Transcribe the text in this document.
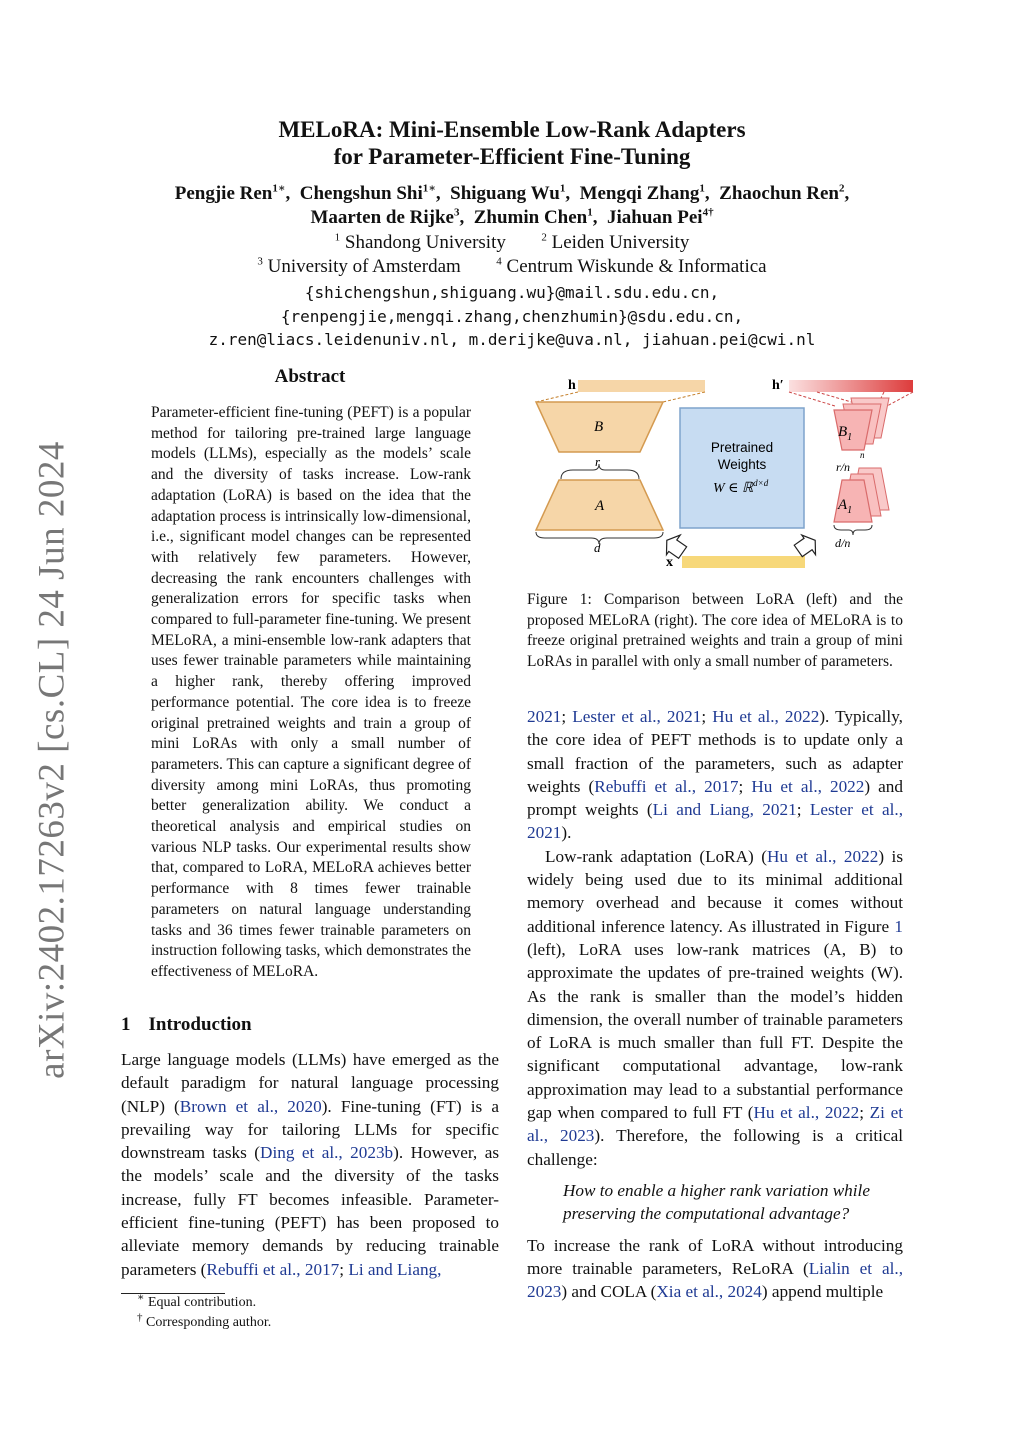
arXiv:2402.17263v2 [cs.CL] 24 Jun 2024
MELoRA: Mini-Ensemble Low-Rank Adapters
for Parameter-Efficient Fine-Tuning
Pengjie Ren$^{1∗}$, Chengshun Shi$^{1∗}$, Shiguang Wu$^1$, Mengqi Zhang$^1$, Zhaochun Ren$^2$,
Maarten de Rijke$^3$, Zhumin Chen$^1$, Jiahuan Pei$^{4\dagger}$
$^1$ Shandong University	$^2$ Leiden University
$^3$ University of Amsterdam	$^4$ Centrum Wiskunde & Informatica
{shichengshun,shiguang.wu}@mail.sdu.edu.cn,
{renpengjie,mengqi.zhang,chenzhumin}@sdu.edu.cn,
z.ren@liacs.leidenuniv.nl, m.derijke@uva.nl, jiahuan.pei@cwi.nl
Abstract
Parameter-efficient fine-tuning (PEFT) is a popular method for tailoring pre-trained large language models (LLMs), especially as the models’ scale and the diversity of tasks increase. Low-rank adaptation (LoRA) is based on the idea that the adaptation process is intrinsically low-dimensional, i.e., significant model changes can be represented with relatively few parameters. However, decreasing the rank encounters challenges with generalization errors for specific tasks when compared to full-parameter fine-tuning. We present MELoRA, a mini-ensemble low-rank adapters that uses fewer trainable parameters while maintaining a higher rank, thereby offering improved performance potential. The core idea is to freeze original pretrained weights and train a group of mini LoRAs with only a small number of parameters. This can capture a significant degree of diversity among mini LoRAs, thus promoting better generalization ability. We conduct a theoretical analysis and empirical studies on various NLP tasks. Our experimental results show that, compared to LoRA, MELoRA achieves better performance with 8 times fewer trainable parameters on natural language understanding tasks and 36 times fewer trainable parameters on instruction following tasks, which demonstrates the effectiveness of MELoRA.
1 Introduction
Large language models (LLMs) have emerged as the default paradigm for natural language processing (NLP) (Brown et al., 2020). Fine-tuning (FT) is a prevailing way for tailoring LLMs for specific downstream tasks (Ding et al., 2023b). However, as the models’ scale and the diversity of the tasks increase, fully FT becomes infeasible. Parameter-efficient fine-tuning (PEFT) has been proposed to alleviate memory demands by reducing trainable parameters (Rebuffi et al., 2017; Li and Liang,
∗ Equal contribution.
† Corresponding author.
h
B
r
A
d
Pretrained
Weights
W ∈ ℝ$^{d\times d}$
x
h′
$B_1$
n
r/n
$A_1$
d/n
Figure 1: Comparison between LoRA (left) and the proposed MELoRA (right). The core idea of MELoRA is to freeze original pretrained weights and train a group of mini LoRAs in parallel with only a small number of parameters.

2021; Lester et al., 2021; Hu et al., 2022). Typically, the core idea of PEFT methods is to update only a small fraction of the parameters, such as adapter weights (Rebuffi et al., 2017; Hu et al., 2022) and prompt weights (Li and Liang, 2021; Lester et al., 2021).

Low-rank adaptation (LoRA) (Hu et al., 2022) is widely being used due to its minimal additional memory overhead and because it comes without additional inference latency. As illustrated in Figure 1 (left), LoRA uses low-rank matrices (A, B) to approximate the updates of pre-trained weights (W). As the rank is smaller than the model’s hidden dimension, the overall number of trainable parameters of LoRA is much smaller than full FT. Despite the significant computational advantage, low-rank approximation may lead to a substantial performance gap when compared to full FT (Hu et al., 2022; Zi et al., 2023). Therefore, the following is a critical challenge:

How to enable a higher rank variation while preserving the computational advantage?

To increase the rank of LoRA without introducing more trainable parameters, ReLoRA (Lialin et al., 2023) and COLA (Xia et al., 2024) append multiple
